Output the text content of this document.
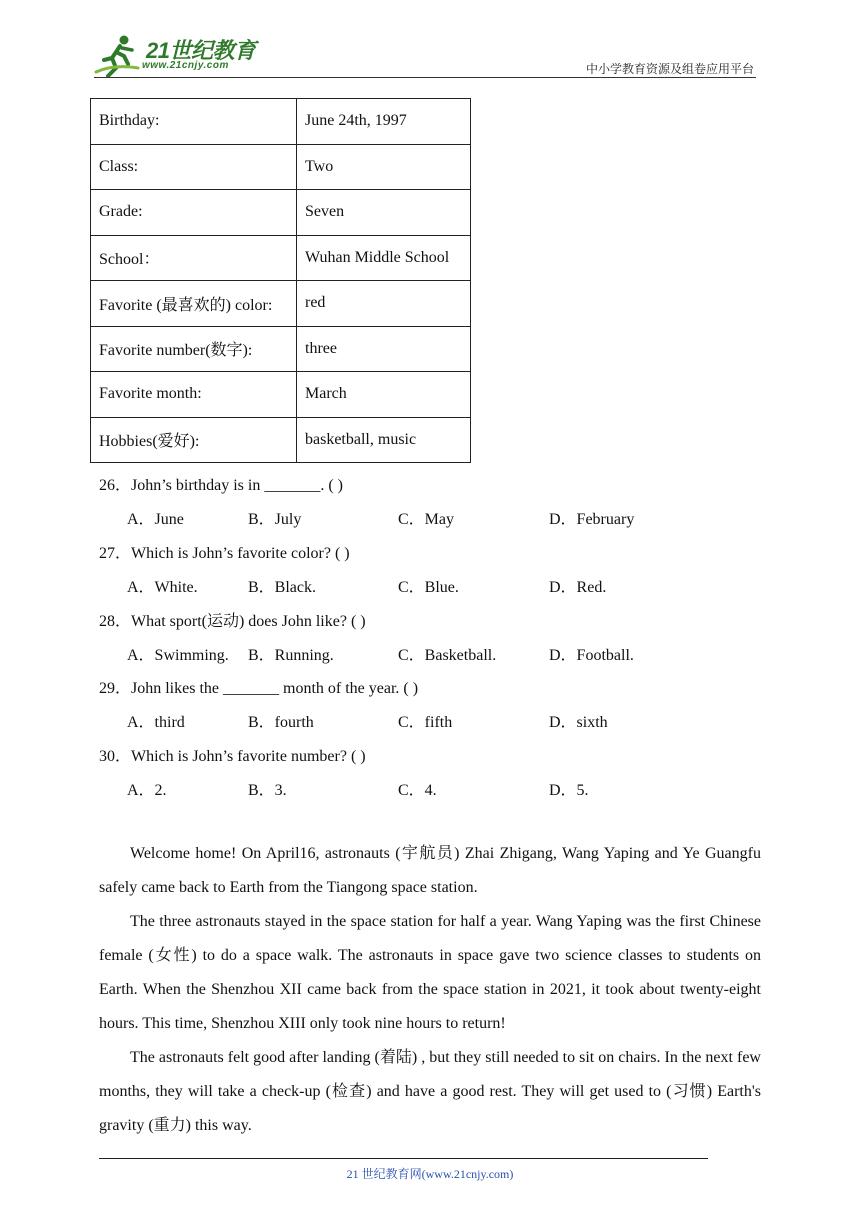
21世纪教育
www.21cnjy.com	中小学教育资源及组卷应用平台
Birthday:	June 24th, 1997
Class:	Two
Grade:	Seven
School：	Wuhan Middle School
Favorite (最喜欢的) color:	red
Favorite number(数字):	three
Favorite month:	March
Hobbies(爱好):	basketball, music
26．John’s birthday is in _______. ( )
A．June	B．July	C．May	D．February
27．Which is John’s favorite color? ( )
A．White.	B．Black.	C．Blue.	D．Red.
28．What sport(运动) does John like? ( )
A．Swimming. B．Running.	C．Basketball.	D．Football.
29．John likes the _______ month of the year. ( )
A．third	B．fourth	C．fifth	D．sixth
30．Which is John’s favorite number? ( )
A．2.	B．3.	C．4.	D．5.

Welcome home! On April16, astronauts (宇航员) Zhai Zhigang, Wang Yaping and Ye Guangfu safely came back to Earth from the Tiangong space station.

The three astronauts stayed in the space station for half a year. Wang Yaping was the first Chinese female (女性) to do a space walk. The astronauts in space gave two science classes to students on Earth. When the Shenzhou XII came back from the space station in 2021, it took about twenty-eight hours. This time, Shenzhou XIII only took nine hours to return!

The astronauts felt good after landing (着陆) , but they still needed to sit on chairs. In the next few months, they will take a check-up (检查) and have a good rest. They will get used to (习惯) Earth's gravity (重力) this way.

21 世纪教育网(www.21cnjy.com)
